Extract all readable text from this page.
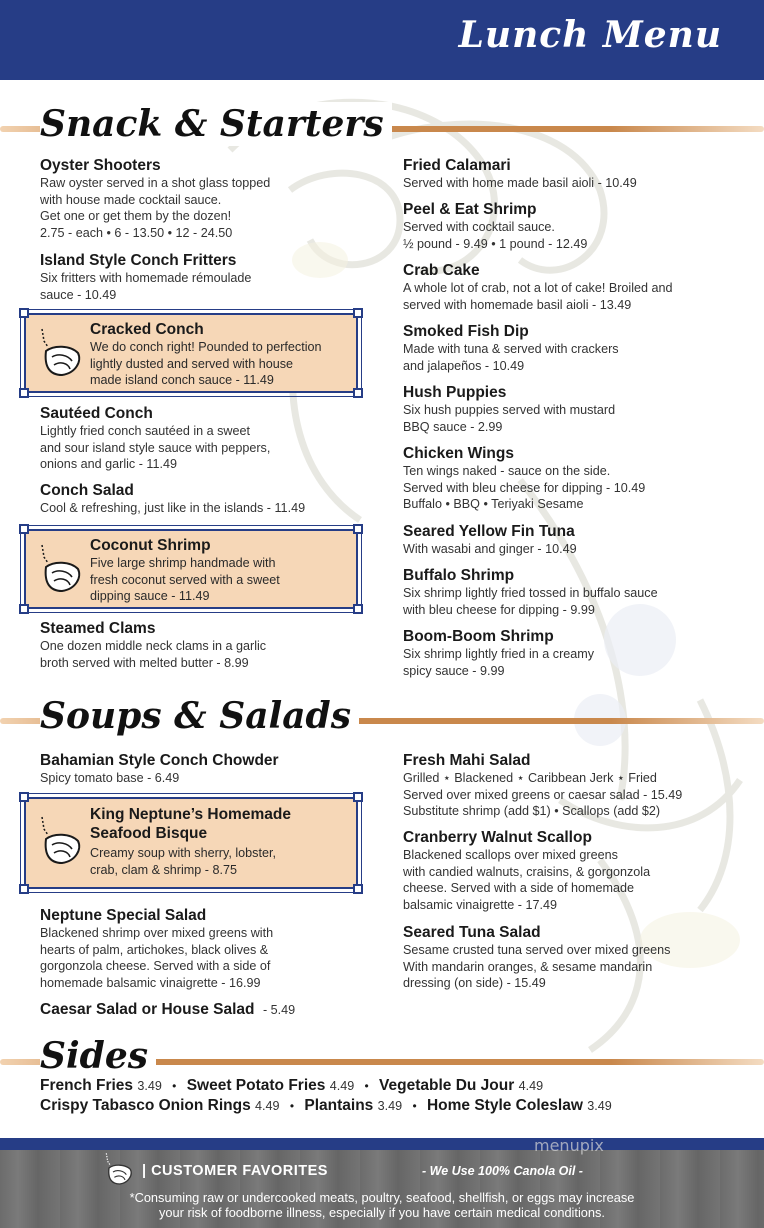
Lunch Menu
Snack & Starters
Oyster Shooters
Raw oyster served in a shot glass topped
with house made cocktail sauce.
Get one or get them by the dozen!
2.75 - each • 6 - 13.50 • 12 - 24.50
Island Style Conch Fritters
Six fritters with homemade rémoulade
sauce - 10.49
Cracked Conch
We do conch right! Pounded to perfection
lightly dusted and served with house
made island conch sauce - 11.49
Sautéed Conch
Lightly fried conch sautéed in a sweet
and sour island style sauce with peppers,
onions and garlic - 11.49
Conch Salad
Cool & refreshing, just like in the islands - 11.49
Coconut Shrimp
Five large shrimp handmade with
fresh coconut served with a sweet
dipping sauce - 11.49
Steamed Clams
One dozen middle neck clams in a garlic
broth served with melted butter - 8.99
Fried Calamari
Served with home made basil aioli - 10.49
Peel & Eat Shrimp
Served with cocktail sauce.
½ pound - 9.49 • 1 pound - 12.49
Crab Cake
A whole lot of crab, not a lot of cake! Broiled and
served with homemade basil aioli - 13.49
Smoked Fish Dip
Made with tuna & served with crackers
and jalapeños - 10.49
Hush Puppies
Six hush puppies served with mustard
BBQ sauce - 2.99
Chicken Wings
Ten wings naked - sauce on the side.
Served with bleu cheese for dipping - 10.49
Buffalo • BBQ • Teriyaki Sesame
Seared Yellow Fin Tuna
With wasabi and ginger - 10.49
Buffalo Shrimp
Six shrimp lightly fried tossed in buffalo sauce
with bleu cheese for dipping - 9.99
Boom-Boom Shrimp
Six shrimp lightly fried in a creamy
spicy sauce - 9.99
Soups & Salads
Bahamian Style Conch Chowder
Spicy tomato base - 6.49
King Neptune’s Homemade
Seafood Bisque
Creamy soup with sherry, lobster,
crab, clam & shrimp - 8.75
Neptune Special Salad
Blackened shrimp over mixed greens with
hearts of palm, artichokes, black olives &
gorgonzola cheese. Served with a side of
homemade balsamic vinaigrette - 16.99
Caesar Salad or House Salad - 5.49
Fresh Mahi Salad
Grilled ⋆ Blackened ⋆ Caribbean Jerk ⋆ Fried
Served over mixed greens or caesar salad - 15.49
Substitute shrimp (add $1) • Scallops (add $2)
Cranberry Walnut Scallop
Blackened scallops over mixed greens
with candied walnuts, craisins, & gorgonzola
cheese. Served with a side of homemade
balsamic vinaigrette - 17.49
Seared Tuna Salad
Sesame crusted tuna served over mixed greens
With mandarin oranges, & sesame mandarin
dressing (on side) - 15.49
Sides
French Fries 3.49 • Sweet Potato Fries 4.49 • Vegetable Du Jour 4.49
Crispy Tabasco Onion Rings 4.49 • Plantains 3.49 • Home Style Coleslaw 3.49
| CUSTOMER FAVORITES	- We Use 100% Canola Oil -
menupix
*Consuming raw or undercooked meats, poultry, seafood, shellfish, or eggs may increase
your risk of foodborne illness, especially if you have certain medical conditions.
